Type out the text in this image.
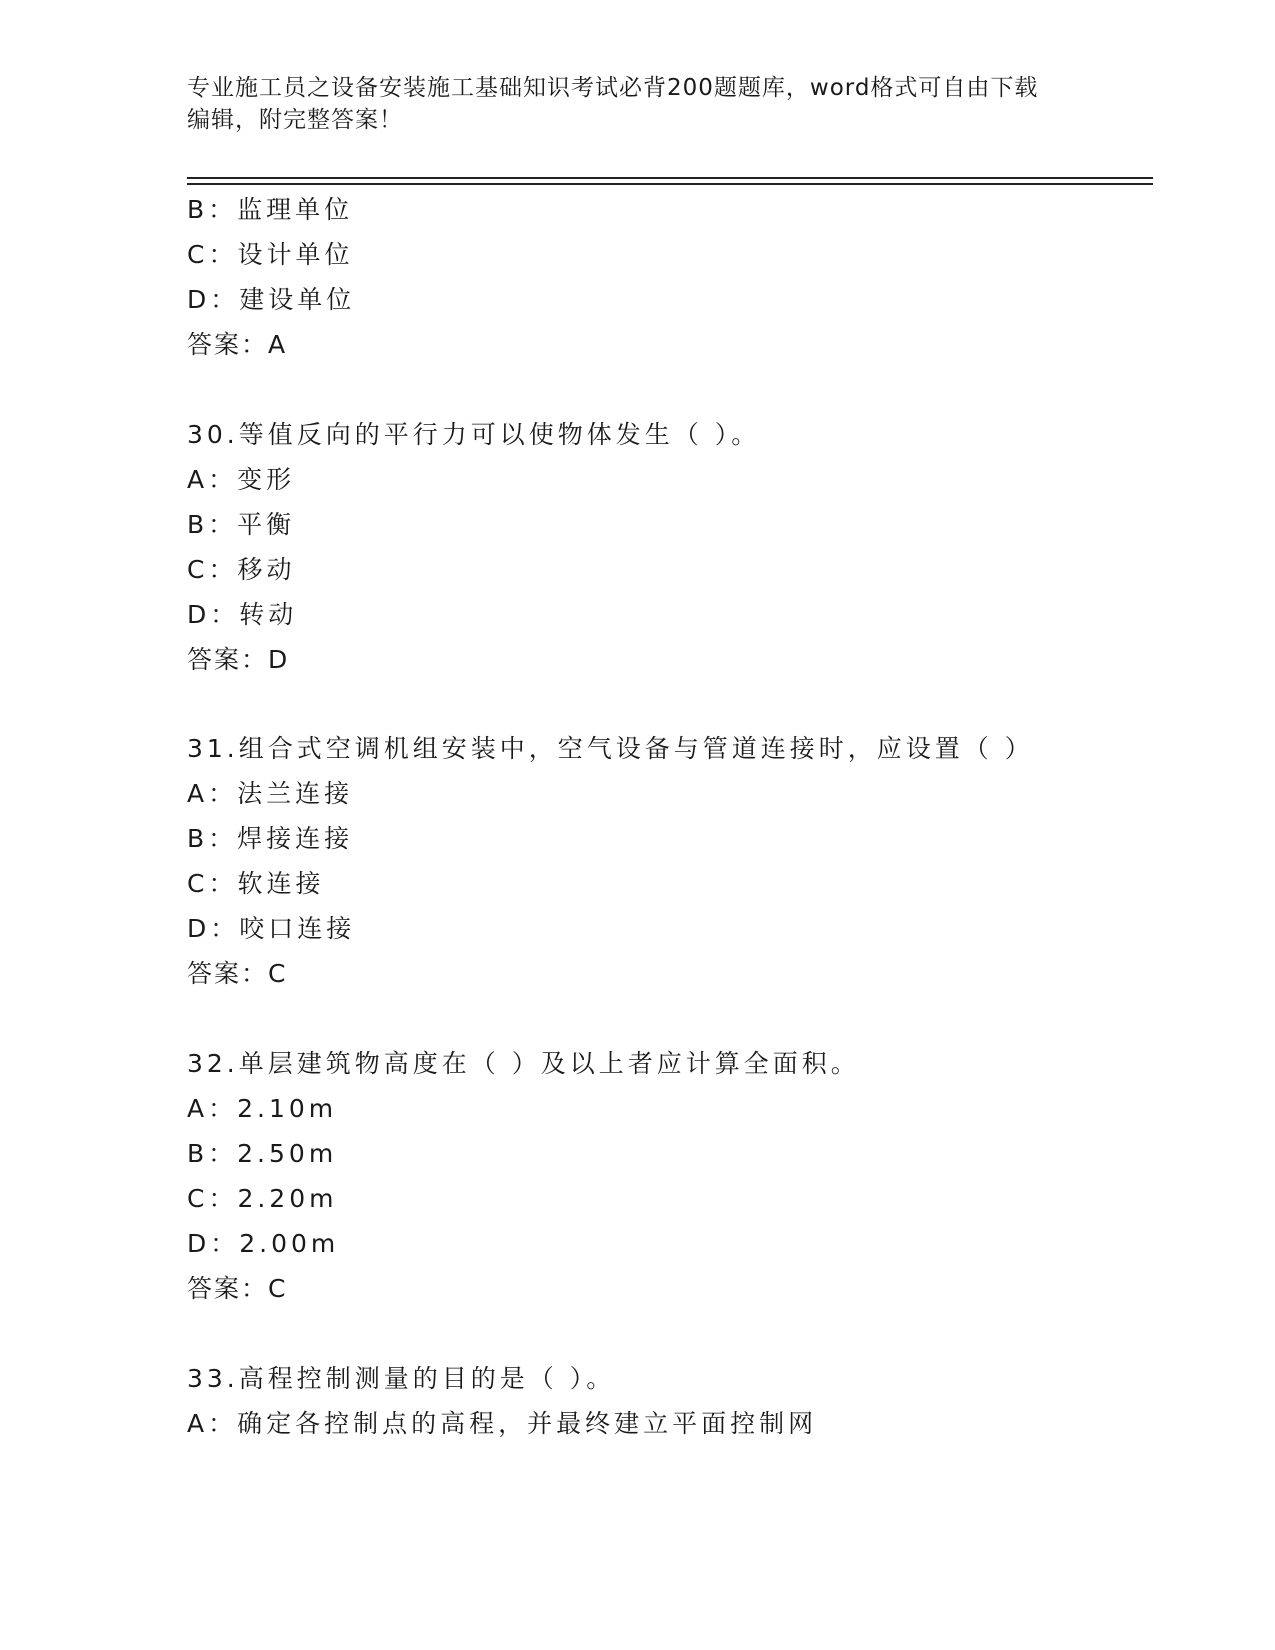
专业施工员之设备安装施工基础知识考试必背200题题库，word格式可自由下载
编辑，附完整答案！
B：监理单位
C：设计单位
D：建设单位
答案：A
30.等值反向的平行力可以使物体发生（ ）。
A：变形
B：平衡
C：移动
D：转动
答案：D
31.组合式空调机组安装中，空气设备与管道连接时，应设置（ ）
A：法兰连接
B：焊接连接
C：软连接
D：咬口连接
答案：C
32.单层建筑物高度在（ ）及以上者应计算全面积。
A：2.10m
B：2.50m
C：2.20m
D：2.00m
答案：C
33.高程控制测量的目的是（ ）。
A：确定各控制点的高程，并最终建立平面控制网
